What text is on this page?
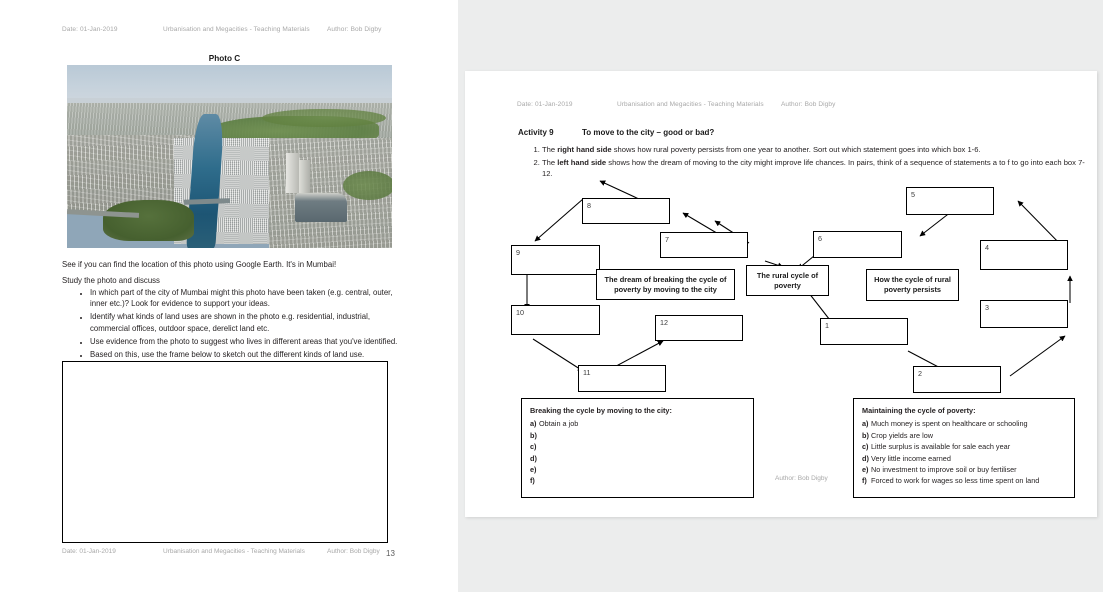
Date: 01-Jan-2019	Urbanisation and Megacities - Teaching Materials	Author: Bob Digby
Photo C
See if you can find the location of this photo using Google Earth. It's in Mumbai!
Study the photo and discuss
• In which part of the city of Mumbai might this photo have been taken (e.g. central, outer, inner etc.)? Look for evidence to support your ideas.
• Identify what kinds of land uses are shown in the photo e.g. residential, industrial, commercial offices, outdoor space, derelict land etc.
• Use evidence from the photo to suggest who lives in different areas that you've identified.
• Based on this, use the frame below to sketch out the different kinds of land use.
Date: 01-Jan-2019	Urbanisation and Megacities - Teaching Materials	Author: Bob Digby 13
Date: 01-Jan-2019	Urbanisation and Megacities - Teaching Materials	Author: Bob Digby
Activity 9	To move to the city – good or bad?
1. The right hand side shows how rural poverty persists from one year to another. Sort out which statement goes into which box 1-6.
2. The left hand side shows how the dream of moving to the city might improve life chances. In pairs, think of a sequence of statements a to f to go into each box 7-12.
8
7
9
10
12
11
5
6
4
3
1
2
The dream of breaking the cycle of poverty by moving to the city
The rural cycle of poverty
How the cycle of rural poverty persists
Breaking the cycle by moving to the city:
a) Obtain a job
b)
c)
d)
e)
f)
Maintaining the cycle of poverty:
a) Much money is spent on healthcare or schooling
b) Crop yields are low
c) Little surplus is available for sale each year
d) Very little income earned
e) No investment to improve soil or buy fertiliser
f) Forced to work for wages so less time spent on land
Author: Bob Digby
